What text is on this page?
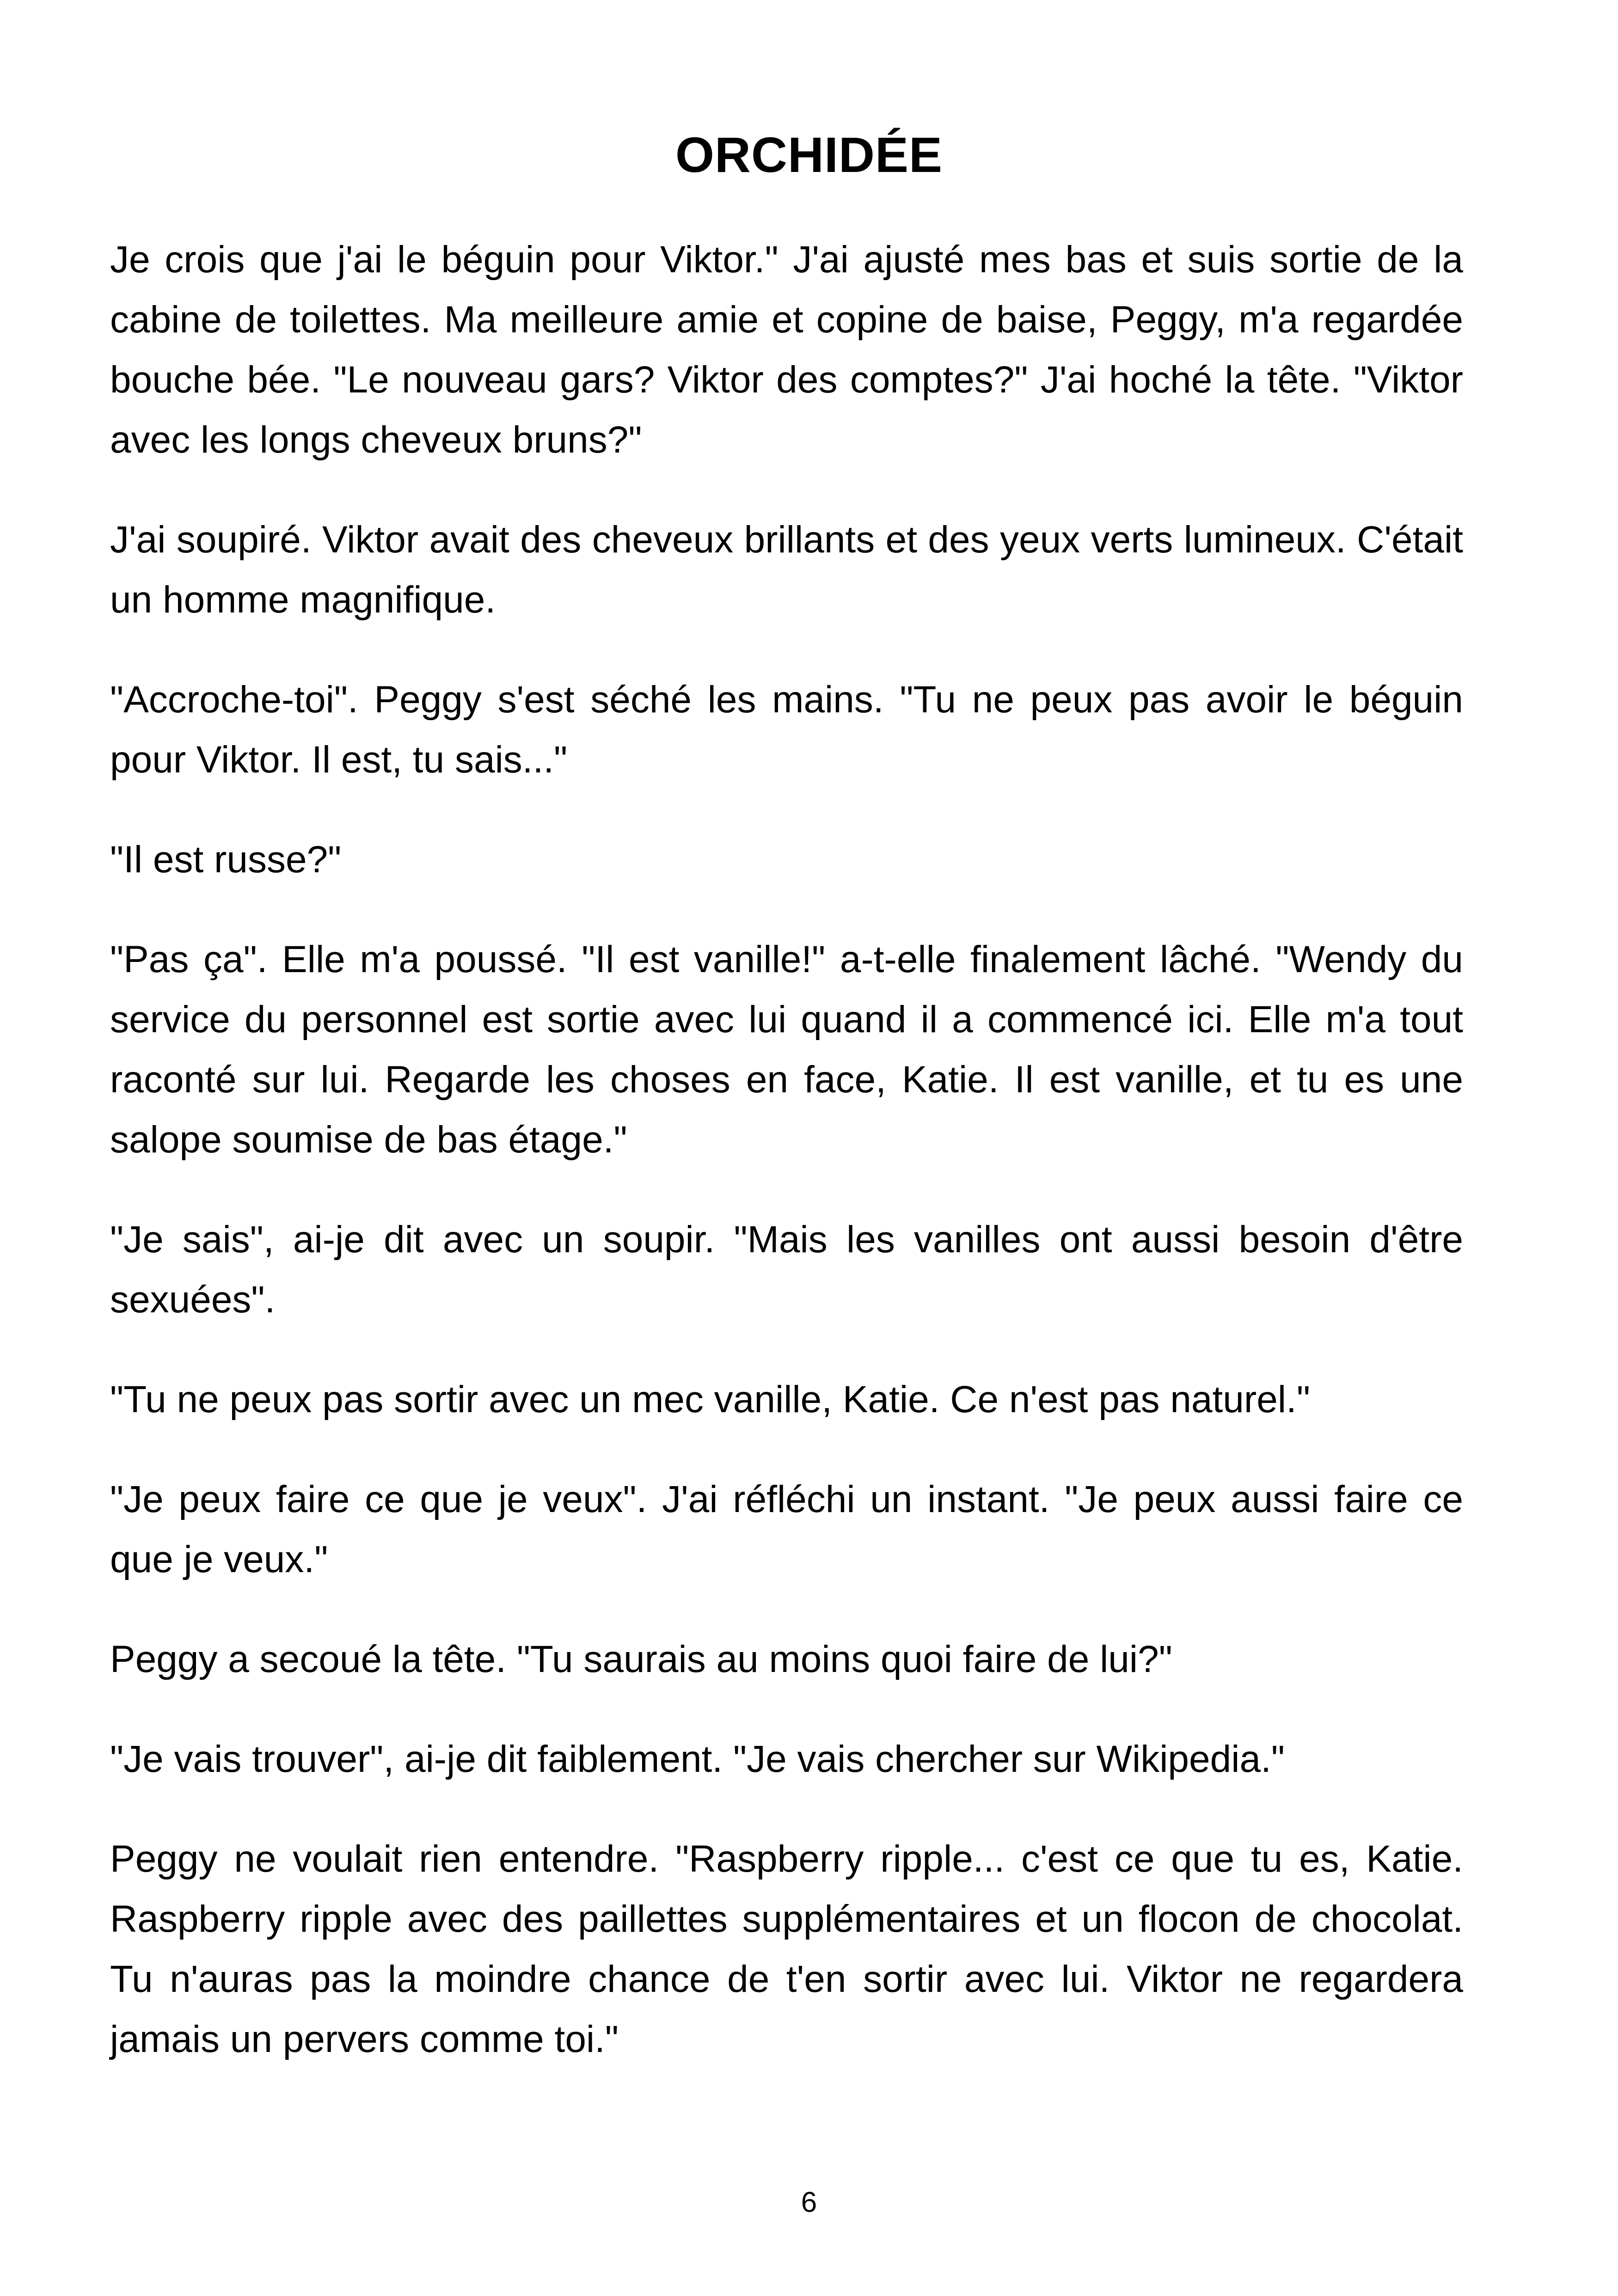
ORCHIDÉE

Je crois que j'ai le béguin pour Viktor." J'ai ajusté mes bas et suis sortie de la cabine de toilettes. Ma meilleure amie et copine de baise, Peggy, m'a regardée bouche bée. "Le nouveau gars? Viktor des comptes?" J'ai hoché la tête. "Viktor avec les longs cheveux bruns?"

J'ai soupiré. Viktor avait des cheveux brillants et des yeux verts lumineux. C'était un homme magnifique.

"Accroche-toi". Peggy s'est séché les mains. "Tu ne peux pas avoir le béguin pour Viktor. Il est, tu sais..."

"Il est russe?"

"Pas ça". Elle m'a poussé. "Il est vanille!" a-t-elle finalement lâché. "Wendy du service du personnel est sortie avec lui quand il a commencé ici. Elle m'a tout raconté sur lui. Regarde les choses en face, Katie. Il est vanille, et tu es une salope soumise de bas étage."

"Je sais", ai-je dit avec un soupir. "Mais les vanilles ont aussi besoin d'être sexuées".

"Tu ne peux pas sortir avec un mec vanille, Katie. Ce n'est pas naturel."

"Je peux faire ce que je veux". J'ai réfléchi un instant. "Je peux aussi faire ce que je veux."

Peggy a secoué la tête. "Tu saurais au moins quoi faire de lui?"

"Je vais trouver", ai-je dit faiblement. "Je vais chercher sur Wikipedia."

Peggy ne voulait rien entendre. "Raspberry ripple... c'est ce que tu es, Katie. Raspberry ripple avec des paillettes supplémentaires et un flocon de chocolat. Tu n'auras pas la moindre chance de t'en sortir avec lui. Viktor ne regardera jamais un pervers comme toi."

6
